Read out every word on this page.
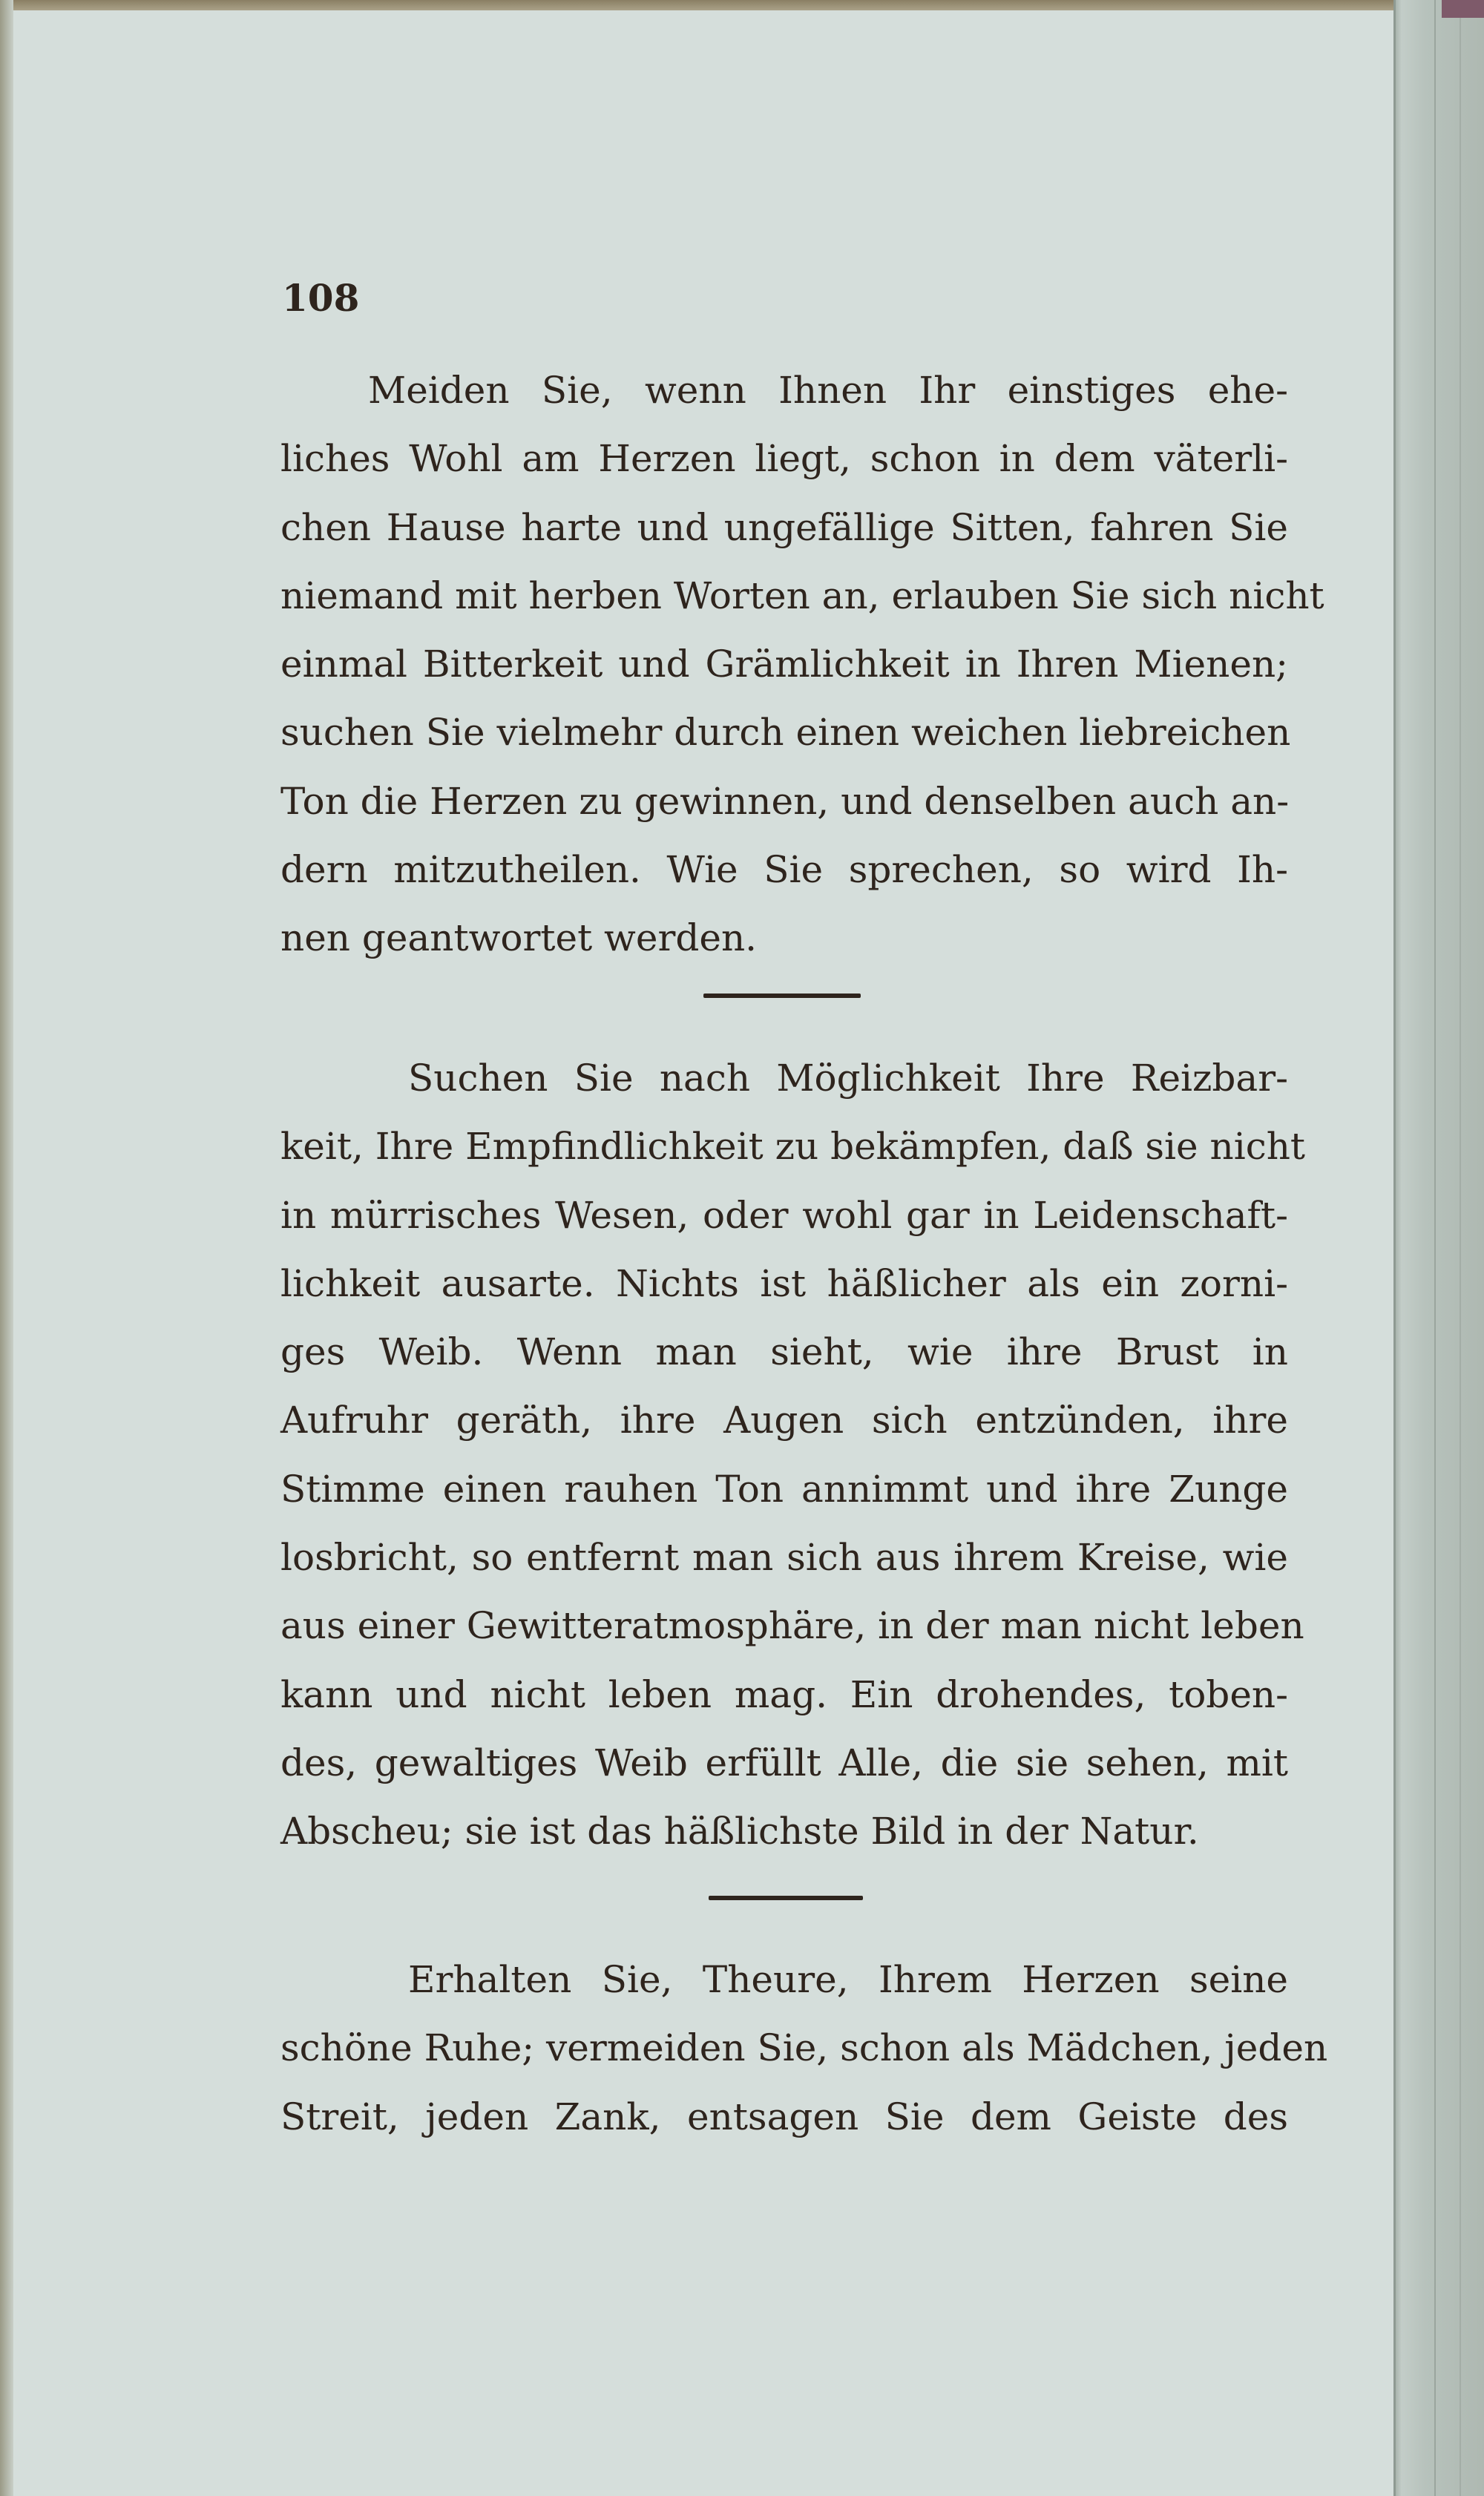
108
Meiden Sie, wenn Ihnen Ihr einstiges ehe-
liches Wohl am Herzen liegt, schon in dem väterli-
chen Hause harte und ungefällige Sitten, fahren Sie
niemand mit herben Worten an, erlauben Sie sich nicht
einmal Bitterkeit und Grämlichkeit in Ihren Mienen;
suchen Sie vielmehr durch einen weichen liebreichen
Ton die Herzen zu gewinnen, und denselben auch an-
dern mitzutheilen. Wie Sie sprechen, so wird Ih-
nen geantwortet werden.
Suchen Sie nach Möglichkeit Ihre Reizbar-
keit, Ihre Empfindlichkeit zu bekämpfen, daß sie nicht
in mürrisches Wesen, oder wohl gar in Leidenschaft-
lichkeit ausarte. Nichts ist häßlicher als ein zorni-
ges Weib. Wenn man sieht, wie ihre Brust in
Aufruhr geräth, ihre Augen sich entzünden, ihre
Stimme einen rauhen Ton annimmt und ihre Zunge
losbricht, so entfernt man sich aus ihrem Kreise, wie
aus einer Gewitteratmosphäre, in der man nicht leben
kann und nicht leben mag. Ein drohendes, toben-
des, gewaltiges Weib erfüllt Alle, die sie sehen, mit
Abscheu; sie ist das häßlichste Bild in der Natur.
Erhalten Sie, Theure, Ihrem Herzen seine
schöne Ruhe; vermeiden Sie, schon als Mädchen, jeden
Streit, jeden Zank, entsagen Sie dem Geiste des
